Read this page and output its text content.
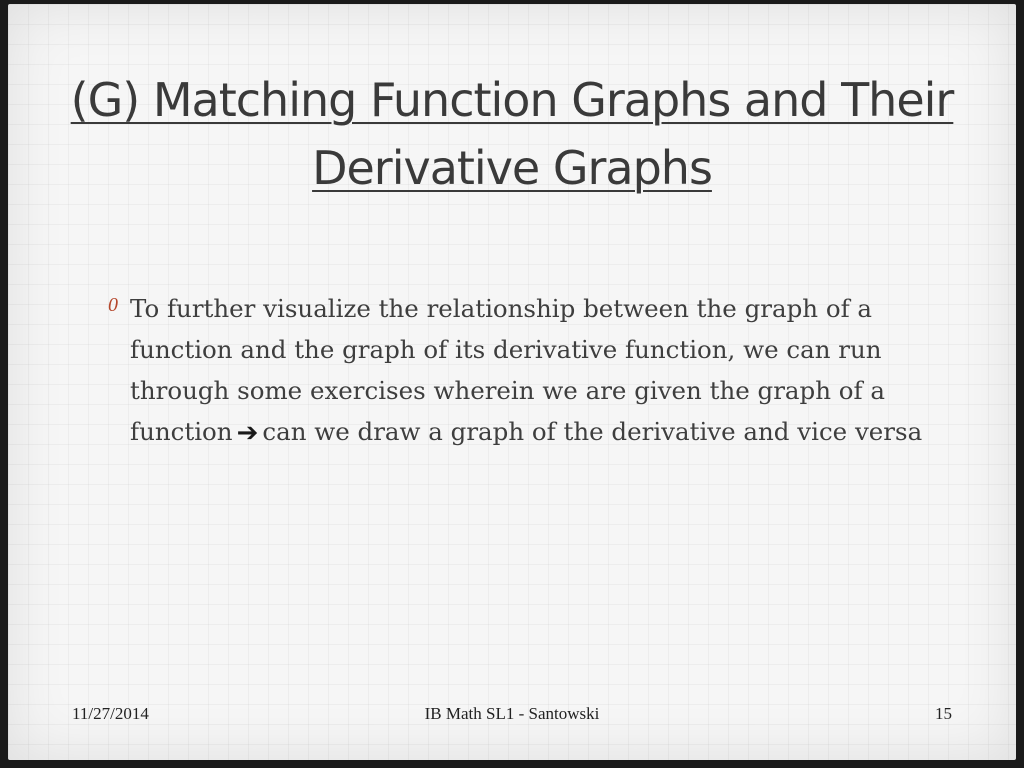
(G) Matching Function Graphs and Their Derivative Graphs
0 To further visualize the relationship between the graph of a function and the graph of its derivative function, we can run through some exercises wherein we are given the graph of a function ➔ can we draw a graph of the derivative and vice versa
11/27/2014	IB Math SL1 - Santowski	15
